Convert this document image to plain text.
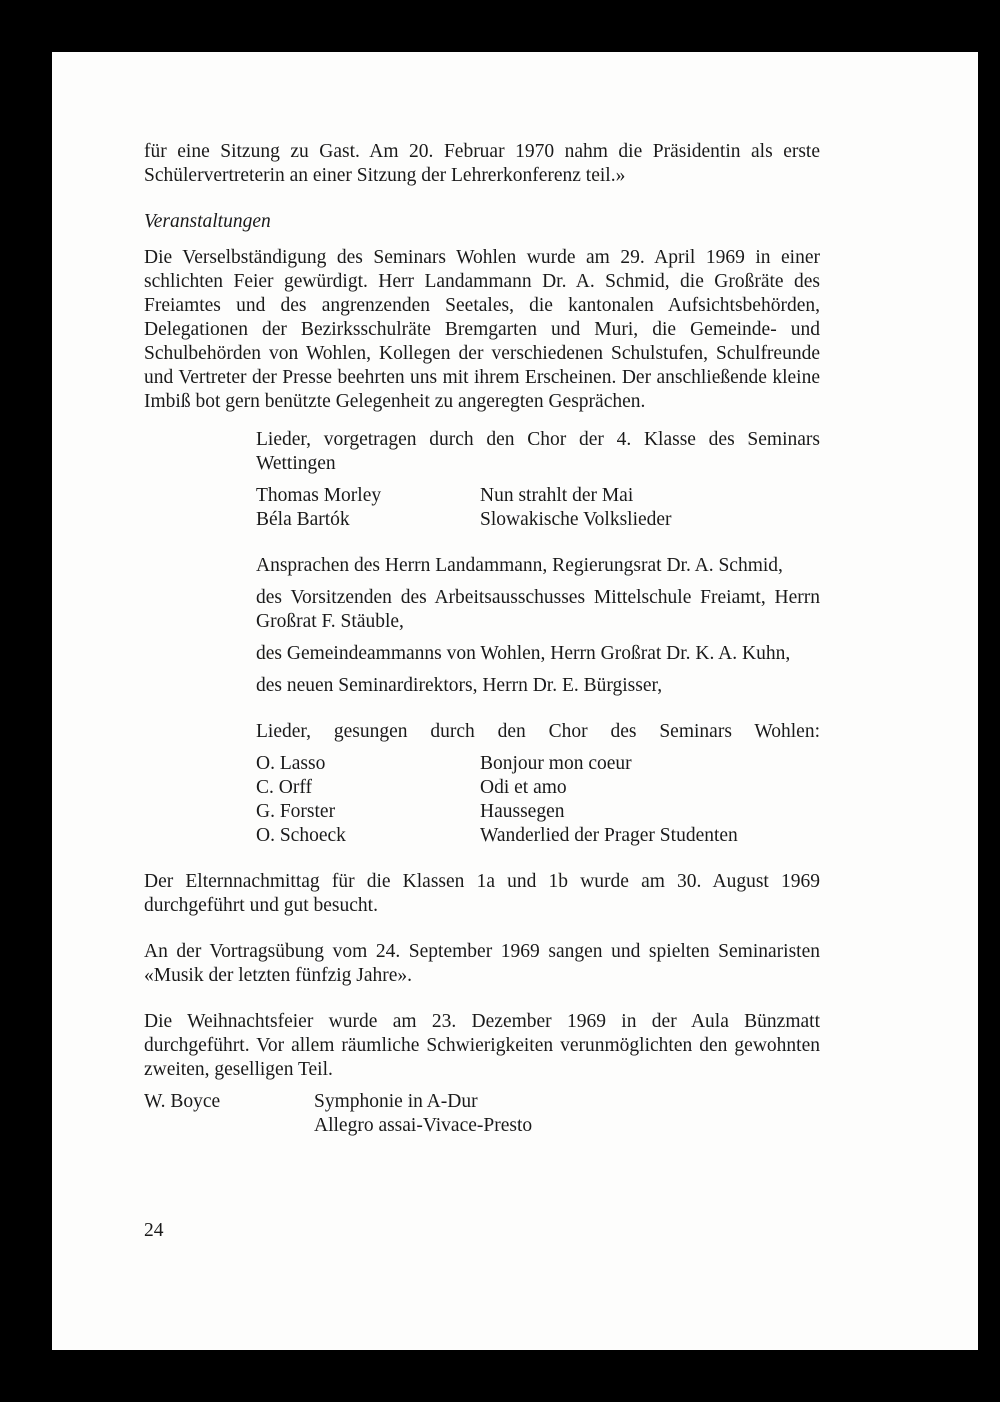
für eine Sitzung zu Gast. Am 20. Februar 1970 nahm die Präsidentin als erste Schülervertreterin an einer Sitzung der Lehrerkonferenz teil.»

Veranstaltungen

Die Verselbständigung des Seminars Wohlen wurde am 29. April 1969 in einer schlichten Feier gewürdigt. Herr Landammann Dr. A. Schmid, die Großräte des Freiamtes und des angrenzenden Seetales, die kantonalen Aufsichtsbehörden, Delegationen der Bezirksschulräte Bremgarten und Muri, die Gemeinde- und Schulbehörden von Wohlen, Kollegen der verschiedenen Schulstufen, Schulfreunde und Vertreter der Presse beehrten uns mit ihrem Erscheinen. Der anschließende kleine Imbiß bot gern benützte Gelegenheit zu angeregten Gesprächen.

Lieder, vorgetragen durch den Chor der 4. Klasse des Seminars Wettingen

Thomas Morley	Nun strahlt der Mai
Béla Bartók	Slowakische Volkslieder

Ansprachen des Herrn Landammann, Regierungsrat Dr. A. Schmid,

des Vorsitzenden des Arbeitsausschusses Mittelschule Freiamt, Herrn Großrat F. Stäuble,

des Gemeindeammanns von Wohlen, Herrn Großrat Dr. K. A. Kuhn,

des neuen Seminardirektors, Herrn Dr. E. Bürgisser,

Lieder, gesungen durch den Chor des Seminars Wohlen:

O. Lasso	Bonjour mon coeur
C. Orff	Odi et amo
G. Forster	Haussegen
O. Schoeck	Wanderlied der Prager Studenten

Der Elternnachmittag für die Klassen 1a und 1b wurde am 30. August 1969 durchgeführt und gut besucht.

An der Vortragsübung vom 24. September 1969 sangen und spielten Seminaristen «Musik der letzten fünfzig Jahre».

Die Weihnachtsfeier wurde am 23. Dezember 1969 in der Aula Bünzmatt durchgeführt. Vor allem räumliche Schwierigkeiten verunmöglichten den gewohnten zweiten, geselligen Teil.

W. Boyce	Symphonie in A-Dur
Allegro assai-Vivace-Presto
24
